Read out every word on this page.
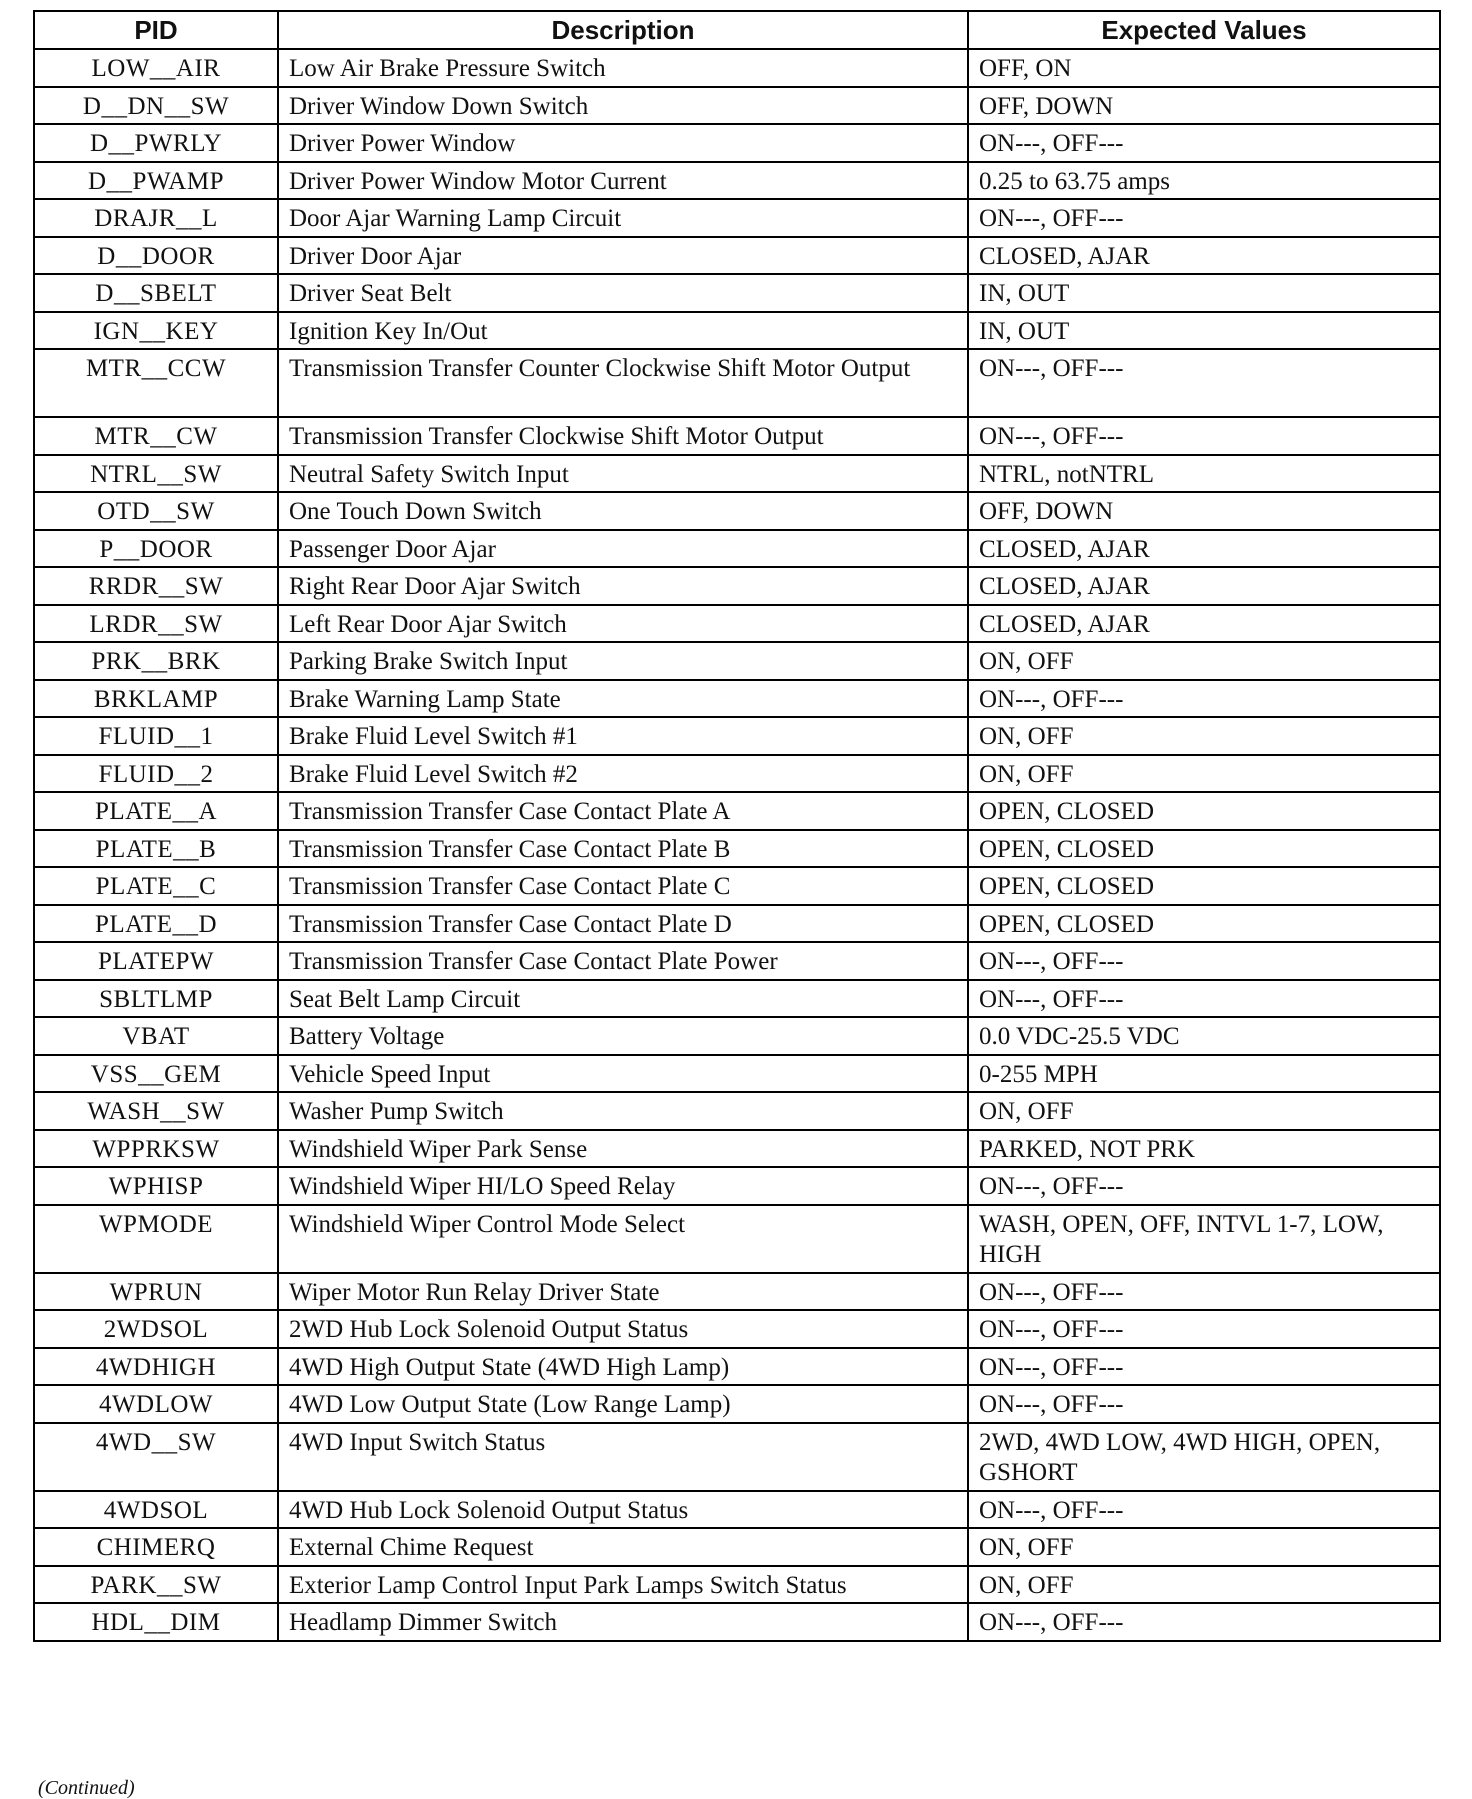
PID	Description	Expected Values
LOW__AIR	Low Air Brake Pressure Switch	OFF, ON
D__DN__SW	Driver Window Down Switch	OFF, DOWN
D__PWRLY	Driver Power Window	ON---, OFF---
D__PWAMP	Driver Power Window Motor Current	0.25 to 63.75 amps
DRAJR__L	Door Ajar Warning Lamp Circuit	ON---, OFF---
D__DOOR	Driver Door Ajar	CLOSED, AJAR
D__SBELT	Driver Seat Belt	IN, OUT
IGN__KEY	Ignition Key In/Out	IN, OUT
MTR__CCW	Transmission Transfer Counter Clockwise Shift Motor Output	ON---, OFF---
MTR__CW	Transmission Transfer Clockwise Shift Motor Output	ON---, OFF---
NTRL__SW	Neutral Safety Switch Input	NTRL, notNTRL
OTD__SW	One Touch Down Switch	OFF, DOWN
P__DOOR	Passenger Door Ajar	CLOSED, AJAR
RRDR__SW	Right Rear Door Ajar Switch	CLOSED, AJAR
LRDR__SW	Left Rear Door Ajar Switch	CLOSED, AJAR
PRK__BRK	Parking Brake Switch Input	ON, OFF
BRKLAMP	Brake Warning Lamp State	ON---, OFF---
FLUID__1	Brake Fluid Level Switch #1	ON, OFF
FLUID__2	Brake Fluid Level Switch #2	ON, OFF
PLATE__A	Transmission Transfer Case Contact Plate A	OPEN, CLOSED
PLATE__B	Transmission Transfer Case Contact Plate B	OPEN, CLOSED
PLATE__C	Transmission Transfer Case Contact Plate C	OPEN, CLOSED
PLATE__D	Transmission Transfer Case Contact Plate D	OPEN, CLOSED
PLATEPW	Transmission Transfer Case Contact Plate Power	ON---, OFF---
SBLTLMP	Seat Belt Lamp Circuit	ON---, OFF---
VBAT	Battery Voltage	0.0 VDC-25.5 VDC
VSS__GEM	Vehicle Speed Input	0-255 MPH
WASH__SW	Washer Pump Switch	ON, OFF
WPPRKSW	Windshield Wiper Park Sense	PARKED, NOT PRK
WPHISP	Windshield Wiper HI/LO Speed Relay	ON---, OFF---
WPMODE	Windshield Wiper Control Mode Select	WASH, OPEN, OFF, INTVL 1-7, LOW, HIGH
WPRUN	Wiper Motor Run Relay Driver State	ON---, OFF---
2WDSOL	2WD Hub Lock Solenoid Output Status	ON---, OFF---
4WDHIGH	4WD High Output State (4WD High Lamp)	ON---, OFF---
4WDLOW	4WD Low Output State (Low Range Lamp)	ON---, OFF---
4WD__SW	4WD Input Switch Status	2WD, 4WD LOW, 4WD HIGH, OPEN, GSHORT
4WDSOL	4WD Hub Lock Solenoid Output Status	ON---, OFF---
CHIMERQ	External Chime Request	ON, OFF
PARK__SW	Exterior Lamp Control Input Park Lamps Switch Status	ON, OFF
HDL__DIM	Headlamp Dimmer Switch	ON---, OFF---
(Continued)
